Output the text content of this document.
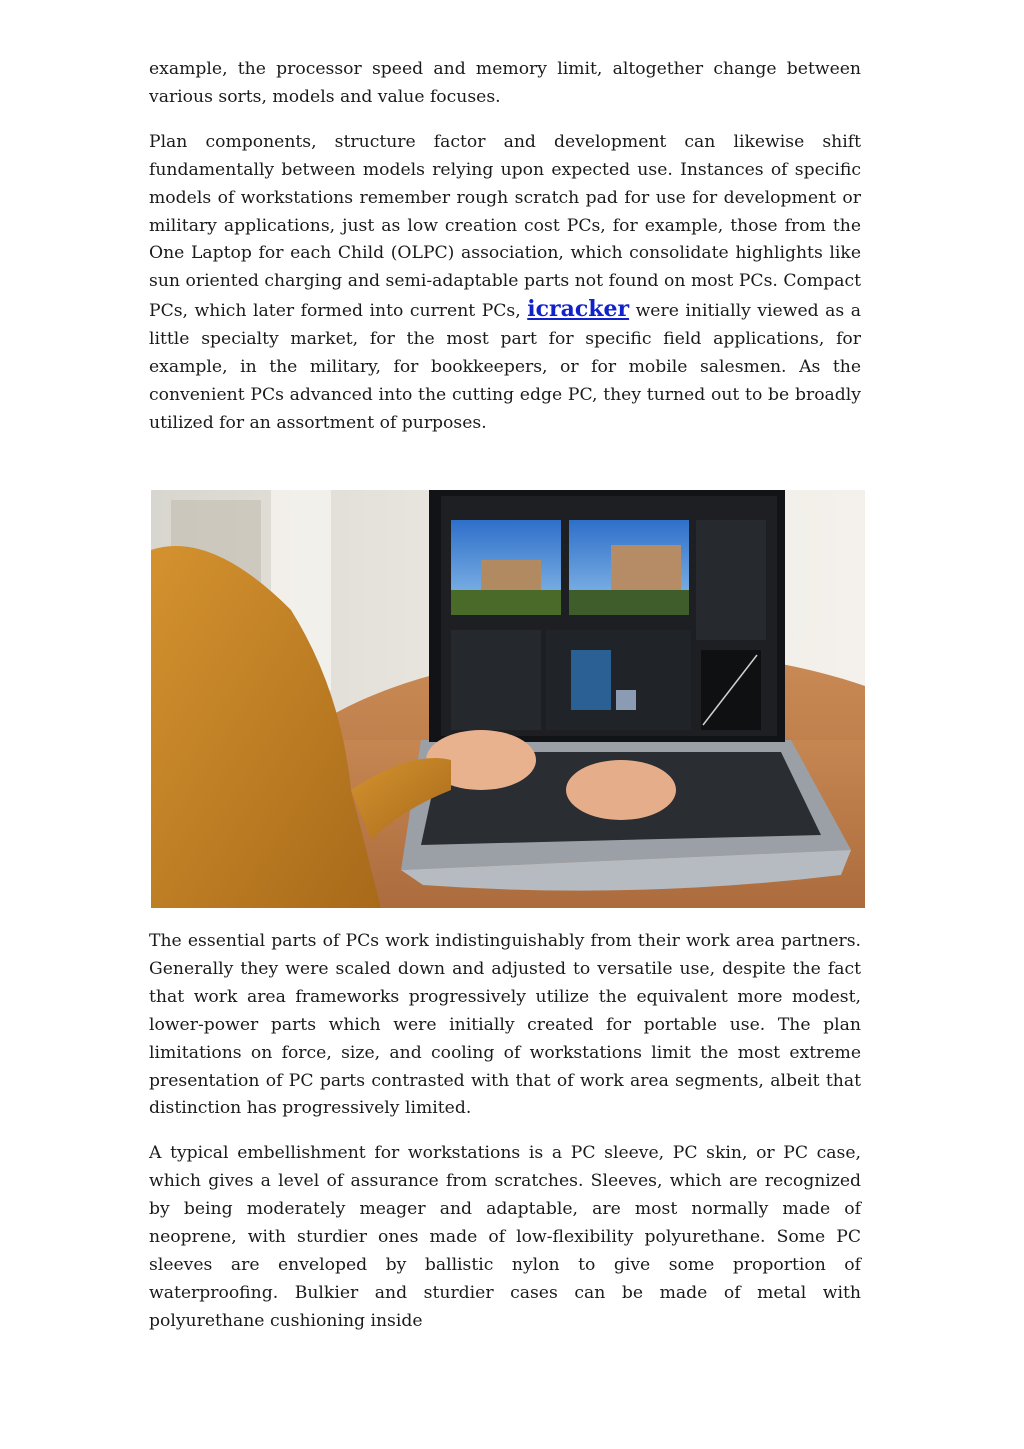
example, the processor speed and memory limit, altogether change between various sorts, models and value focuses.

Plan components, structure factor and development can likewise shift fundamentally between models relying upon expected use. Instances of specific models of workstations remember rough scratch pad for use for development or military applications, just as low creation cost PCs, for example, those from the One Laptop for each Child (OLPC) association, which consolidate highlights like sun oriented charging and semi-adaptable parts not found on most PCs. Compact PCs, which later formed into current PCs, icracker were initially viewed as a little specialty market, for the most part for specific field applications, for example, in the military, for bookkeepers, or for mobile salesmen. As the convenient PCs advanced into the cutting edge PC, they turned out to be broadly utilized for an assortment of purposes.

The essential parts of PCs work indistinguishably from their work area partners. Generally they were scaled down and adjusted to versatile use, despite the fact that work area frameworks progressively utilize the equivalent more modest, lower-power parts which were initially created for portable use. The plan limitations on force, size, and cooling of workstations limit the most extreme presentation of PC parts contrasted with that of work area segments, albeit that distinction has progressively limited.

A typical embellishment for workstations is a PC sleeve, PC skin, or PC case, which gives a level of assurance from scratches. Sleeves, which are recognized by being moderately meager and adaptable, are most normally made of neoprene, with sturdier ones made of low-flexibility polyurethane. Some PC sleeves are enveloped by ballistic nylon to give some proportion of waterproofing. Bulkier and sturdier cases can be made of metal with polyurethane cushioning inside
